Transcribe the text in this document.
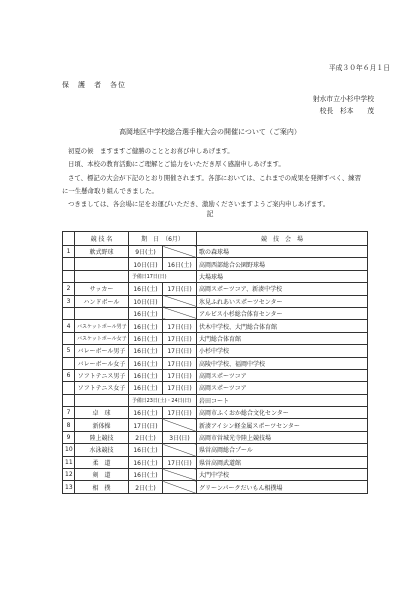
平成３０年６月１日
保　護　者　各位
射水市立小杉中学校
校長　杉本　　茂
高岡地区中学校総合選手権大会の開催について（ご案内）

初夏の候　ますますご健勝のこととお喜び申しあげます。

日頃、本校の教育活動にご理解とご協力をいただき厚く感謝申しあげます。

さて、標記の大会が下記のとおり開催されます。各部においては、これまでの成果を発揮すべく、練習に一生懸命取り組んできました。

つきましては、各会場に足をお運びいただき、激励くださいますようご案内申しあげます。

記
	競 技 名	期　日　（6月）		競　技　会　場
1	軟式野球	9日(土)		歌の森球場
		10日(日)	16日(土)	高岡西部総合公園野球場
		予備日17日(日)		大場球場
2	サッカー	16日(土)	17日(日)	高岡スポーツコア、新湊中学校
3	ハンドボール	10日(日)		氷見ふれあいスポーツセンター
		16日(土)		アルビス小杉総合体育センター
4	バスケットボール男子	16日(土)	17日(日)	伏木中学校、大門総合体育館
	バスケットボール女子	16日(土)	17日(日)	大門総合体育館
5	バレーボール男子	16日(土)	17日(日)	小杉中学校
	バレーボール女子	16日(土)	17日(日)	高陵中学校、福岡中学校
6	ソフトテニス男子	16日(土)	17日(日)	高岡スポーツコア
	ソフトテニス女子	16日(土)	17日(日)	高岡スポーツコア
		予備日23日(土)・24日(日)		岩田コート
7	卓　球	16日(土)	17日(日)	高岡市ふくおか総合文化センター
8	新体操	17日(日)		新湊アイシン軽金属スポーツセンター
9	陸上競技	2日(土)	3日(日)	高岡市営城光寺陸上競技場
10	水泳競技	16日(土)		県営高岡総合プール
11	柔　道	16日(土)	17日(日)	県営高岡武道館
12	剣　道	16日(土)		大門中学校
13	相　撲	2日(土)		グリーンパークだいもん相撲場
